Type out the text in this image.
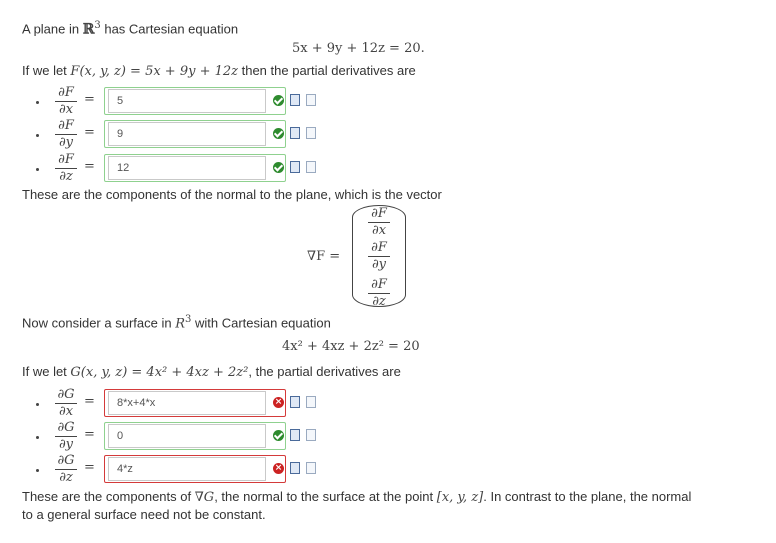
A plane in ℝ$^3$ has Cartesian equation
5x + 9y + 12z = 20.
If we let F(x, y, z) = 5x + 9y + 12z then the partial derivatives are
∂F
∂x
=
5
∂F
∂y
=
9
∂F
∂z
=
12
These are the components of the normal to the plane, which is the vector
∇F =
∂F
∂x
∂F
∂y
∂F
∂z
Now consider a surface in $R^3$ with Cartesian equation
4x² + 4xz + 2z² = 20
If we let G(x, y, z) = 4x² + 4xz + 2z², the partial derivatives are
∂G
∂x
=
8*x+4*x	×
∂G
∂y
=
0
∂G
∂z
=
4*z	×
These are the components of ∇G, the normal to the surface at the point [x, y, z]. In contrast to the plane, the normal
to a general surface need not be constant.
